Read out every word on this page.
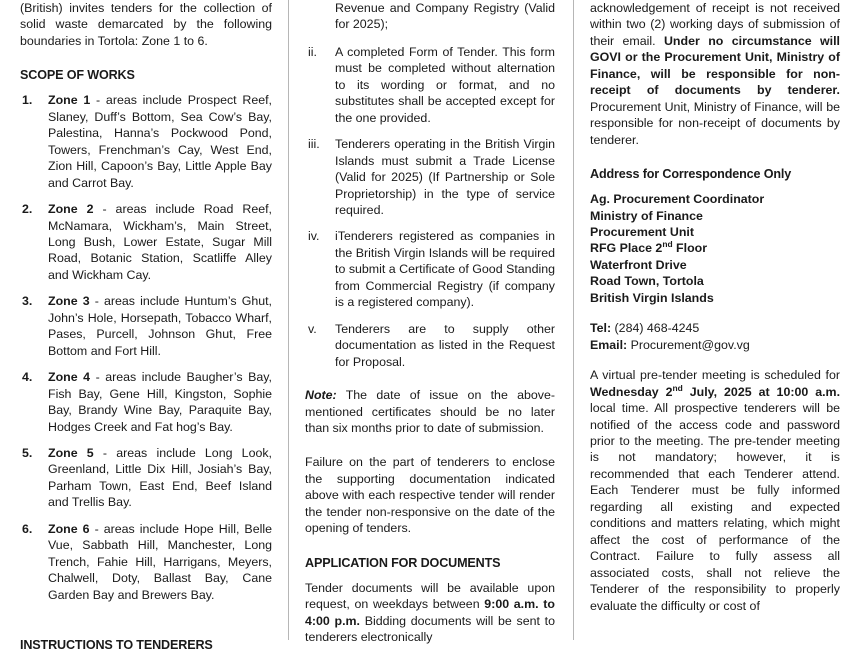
(British) invites tenders for the collection of solid waste demarcated by the following boundaries in Tortola: Zone 1 to 6.

SCOPE OF WORKS
1. Zone 1 - areas include Prospect Reef, Slaney, Duff’s Bottom, Sea Cow’s Bay, Palestina, Hanna’s Pockwood Pond, Towers, Frenchman’s Cay, West End, Zion Hill, Capoon’s Bay, Little Apple Bay and Carrot Bay.
2. Zone 2 - areas include Road Reef, McNamara, Wickham’s, Main Street, Long Bush, Lower Estate, Sugar Mill Road, Botanic Station, Scatliffe Alley and Wickham Cay.
3. Zone 3 - areas include Huntum’s Ghut, John’s Hole, Horsepath, Tobacco Wharf, Pases, Purcell, Johnson Ghut, Free Bottom and Fort Hill.
4. Zone 4 - areas include Baugher’s Bay, Fish Bay, Gene Hill, Kingston, Sophie Bay, Brandy Wine Bay, Paraquite Bay, Hodges Creek and Fat hog’s Bay.
5. Zone 5 - areas include Long Look, Greenland, Little Dix Hill, Josiah’s Bay, Parham Town, East End, Beef Island and Trellis Bay.
6. Zone 6 - areas include Hope Hill, Belle Vue, Sabbath Hill, Manchester, Long Trench, Fahie Hill, Harrigans, Meyers, Chalwell, Doty, Ballast Bay, Cane Garden Bay and Brewers Bay.
INSTRUCTIONS TO TENDERERS

Revenue and Company Registry (Valid for 2025);

ii. A completed Form of Tender. This form must be completed without alternation to its wording or format, and no substitutes shall be accepted except for the one provided.
iii. Tenderers operating in the British Virgin Islands must submit a Trade License (Valid for 2025) (If Partnership or Sole Proprietorship) in the type of service required.
iv. iTenderers registered as companies in the British Virgin Islands will be required to submit a Certificate of Good Standing from Commercial Registry (if company is a registered company).
v. Tenderers are to supply other documentation as listed in the Request for Proposal.

Note: The date of issue on the above-mentioned certificates should be no later than six months prior to date of submission.

Failure on the part of tenderers to enclose the supporting documentation indicated above with each respective tender will render the tender non-responsive on the date of the opening of tenders.

APPLICATION FOR DOCUMENTS

Tender documents will be available upon request, on weekdays between 9:00 a.m. to 4:00 p.m. Bidding documents will be sent to tenderers electronically

acknowledgement of receipt is not received within two (2) working days of submission of their email. Under no circumstance will GOVI or the Procurement Unit, Ministry of Finance, will be responsible for non-receipt of documents by tenderer. Procurement Unit, Ministry of Finance, will be responsible for non-receipt of documents by tenderer.

Address for Correspondence Only
Ag. Procurement Coordinator
Ministry of Finance
Procurement Unit
RFG Place 2nd Floor
Waterfront Drive
Road Town, Tortola
British Virgin Islands
Tel: (284) 468-4245
Email: Procurement@gov.vg

A virtual pre-tender meeting is scheduled for Wednesday 2nd July, 2025 at 10:00 a.m. local time. All prospective tenderers will be notified of the access code and password prior to the meeting. The pre-tender meeting is not mandatory; however, it is recommended that each Tenderer attend. Each Tenderer must be fully informed regarding all existing and expected conditions and matters relating, which might affect the cost of performance of the Contract. Failure to fully assess all associated costs, shall not relieve the Tenderer of the responsibility to properly evaluate the difficulty or cost of
